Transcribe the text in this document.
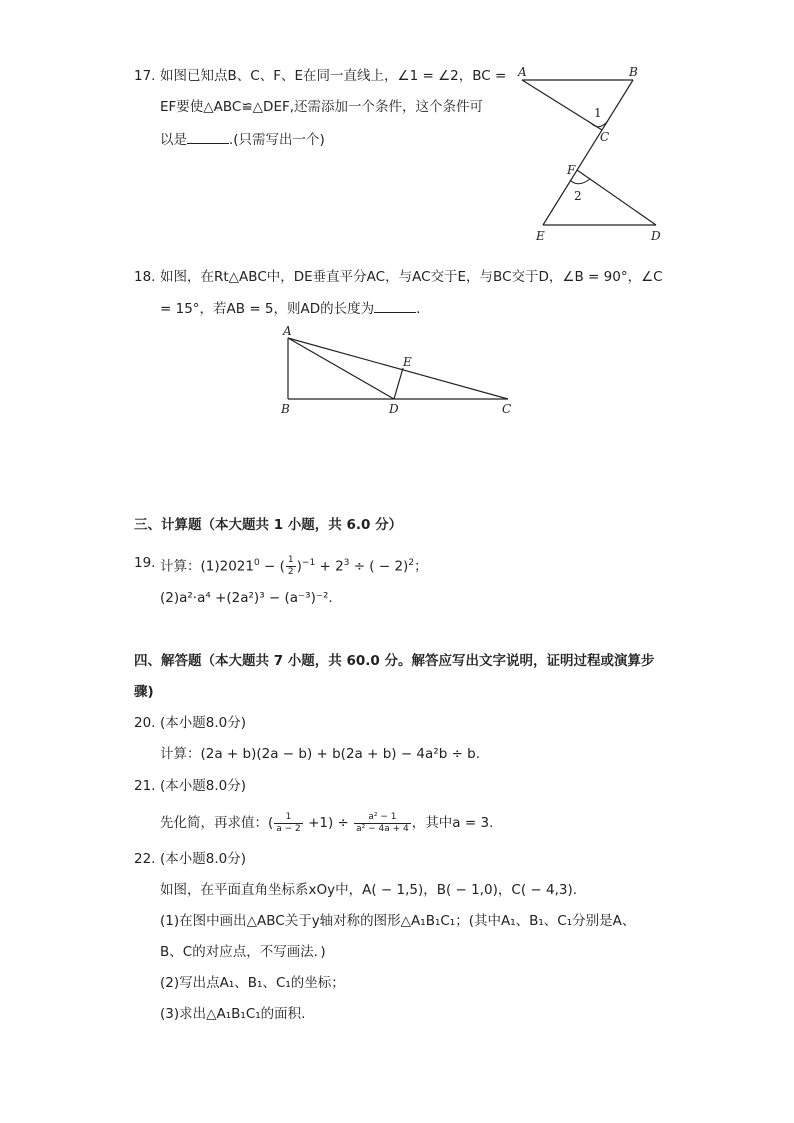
17. 如图已知点B、C、F、E在同一直线上，∠1 = ∠2，BC =
EF要使△ABC≌△DEF,还需添加一个条件，这个条件可
以是	.(只需写出一个)
A	B
C
F
E	D
1
2
18. 如图，在Rt△ABC中，DE垂直平分AC，与AC交于E，与BC交于D，∠B = 90°，∠C
= 15°，若AB = 5，则AD的长度为	.
A
B	D	C
E
三、计算题（本大题共 1 小题，共 6.0 分）
19. 计算：$(1)2021^0$ − ( $\frac{1}{2} )^{-1} + 2^3$ ÷ ( − 2)$^2$；
(2)a²·a⁴ +(2a²)³ − (a⁻³)⁻².
四、解答题（本大题共 7 小题，共 60.0 分。解答应写出文字说明，证明过程或演算步
骤)
20. (本小题8.0分)
计算：(2a + b)(2a − b) + b(2a + b) − 4a²b ÷ b.
21. (本小题8.0分)
先化简，再求值：( $\frac{1}{a - 2} +1) \div \frac{\text{a² − 1}}{\text{a² − 4a + 4}}$ ，其中a = 3.
22. (本小题8.0分)
如图，在平面直角坐标系xOy中，A( − 1,5)，B( − 1,0)，C( − 4,3).
(1)在图中画出△ABC关于y轴对称的图形△A₁B₁C₁；(其中A₁、B₁、C₁分别是A、
B、C的对应点，不写画法．)
(2)写出点A₁、B₁、C₁的坐标；
(3)求出△A₁B₁C₁的面积.
